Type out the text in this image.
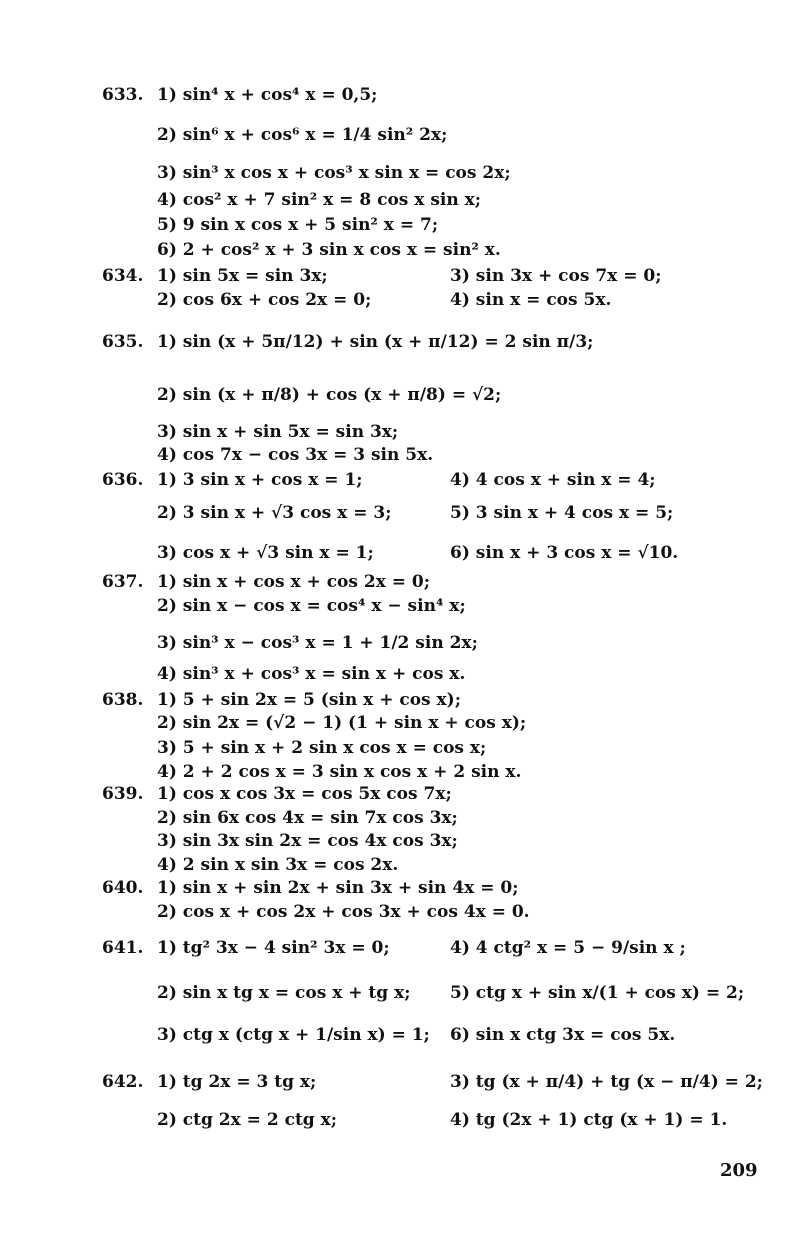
633. 1) sin⁴ x + cos⁴ x = 0,5;
2) sin⁶ x + cos⁶ x = 1/4 sin² 2x;
3) sin³ x cos x + cos³ x sin x = cos 2x;
4) cos² x + 7 sin² x = 8 cos x sin x;
5) 9 sin x cos x + 5 sin² x = 7;
6) 2 + cos² x + 3 sin x cos x = sin² x.
634. 1) sin 5x = sin 3x;	3) sin 3x + cos 7x = 0;
2) cos 6x + cos 2x = 0;	4) sin x = cos 5x.
635. 1) sin (x + 5π/12) + sin (x + π/12) = 2 sin π/3;
2) sin (x + π/8) + cos (x + π/8) = √2;
3) sin x + sin 5x = sin 3x;
4) cos 7x − cos 3x = 3 sin 5x.
636. 1) 3 sin x + cos x = 1;	4) 4 cos x + sin x = 4;
2) 3 sin x + √3 cos x = 3;	5) 3 sin x + 4 cos x = 5;
3) cos x + √3 sin x = 1;	6) sin x + 3 cos x = √10.
637. 1) sin x + cos x + cos 2x = 0;
2) sin x − cos x = cos⁴ x − sin⁴ x;
3) sin³ x − cos³ x = 1 + 1/2 sin 2x;
4) sin³ x + cos³ x = sin x + cos x.
638. 1) 5 + sin 2x = 5 (sin x + cos x);
2) sin 2x = (√2 − 1) (1 + sin x + cos x);
3) 5 + sin x + 2 sin x cos x = cos x;
4) 2 + 2 cos x = 3 sin x cos x + 2 sin x.
639. 1) cos x cos 3x = cos 5x cos 7x;
2) sin 6x cos 4x = sin 7x cos 3x;
3) sin 3x sin 2x = cos 4x cos 3x;
4) 2 sin x sin 3x = cos 2x.
640. 1) sin x + sin 2x + sin 3x + sin 4x = 0;
2) cos x + cos 2x + cos 3x + cos 4x = 0.
641. 1) tg² 3x − 4 sin² 3x = 0;	4) 4 ctg² x = 5 − 9/sin x ;
2) sin x tg x = cos x + tg x; 5) ctg x + sin x/(1 + cos x) = 2;
3) ctg x (ctg x + 1/sin x) = 1; 6) sin x ctg 3x = cos 5x.
642. 1) tg 2x = 3 tg x;	3) tg (x + π/4) + tg (x − π/4) = 2;
2) ctg 2x = 2 ctg x;	4) tg (2x + 1) ctg (x + 1) = 1.
209
